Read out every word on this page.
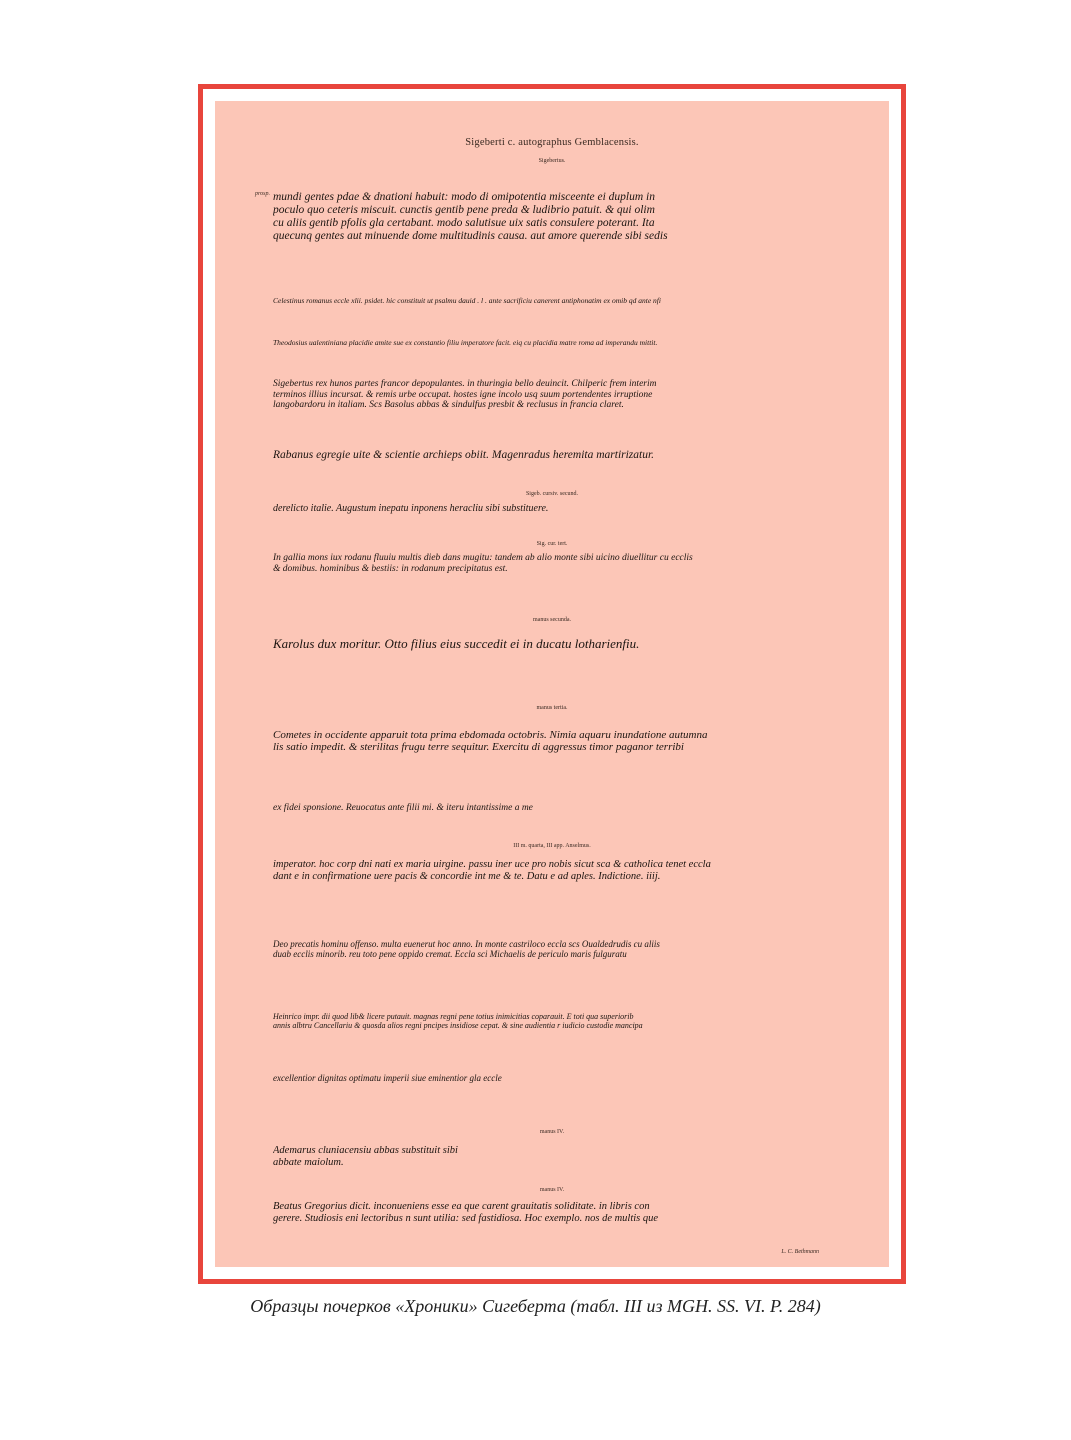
Sigeberti c. autographus Gemblacensis.
Sigebertus.
prosp. mundi gentes pdae & dnationi habuit: modo di omipotentia misceente ei duplum in
poculo quo ceteris miscuit. cunctis gentib pene preda & ludibrio patuit. & qui olim
cu aliis gentib pfolis gla certabant. modo salutisue uix satis consulere poterant. Ita
quecunq gentes aut minuende dome multitudinis causa. aut amore querende sibi sedis
Celestinus romanus eccle xlii. psidet. hic constituit ut psalmu dauid . l . ante sacrificiu canerent antiphonatim ex omib qd ante nfi
Theodosius ualentiniana placidie amite sue ex constantio filiu imperatore facit. eiq cu placidia matre roma ad imperandu mittit.
Sigebertus rex hunos partes francor depopulantes. in thuringia bello deuincit. Chilperic frem interim
terminos illius incursat. & remis urbe occupat. hostes igne incolo usq suum portendentes irruptione
langobardoru in italiam. Scs Basolus abbas & sindulfus presbit & reclusus in francia claret.
Rabanus egregie uite & scientie archieps obiit. Magenradus heremita martirizatur.
Sigeb. cursiv. secund.
derelicto italie. Augustum inepatu inponens heracliu sibi substituere.
Sig. cur. tert.
In gallia mons iux rodanu fluuiu multis dieb dans mugitu: tandem ab alio monte sibi uicino diuellitur cu ecclis
& domibus. hominibus & bestiis: in rodanum precipitatus est.
manus secunda.
Karolus dux moritur. Otto filius eius succedit ei in ducatu lotharienfiu.
manus tertia.
Cometes in occidente apparuit tota prima ebdomada octobris. Nimia aquaru inundatione autumna
lis satio impedit. & sterilitas frugu terre sequitur. Exercitu di aggressus timor paganor terribi
ex fidei sponsione. Reuocatus ante filii mi. & iteru intantissime a me
III m. quarta, III app. Anselmus.
imperator. hoc corp dni nati ex maria uirgine. passu iner uce pro nobis sicut sca & catholica tenet eccla
dant e in confirmatione uere pacis & concordie int me & te. Datu e ad aples. Indictione. iiij.
Deo precatis hominu offenso. multa euenerut hoc anno. In monte castriloco eccla scs Oualdedrudis cu aliis
duab ecclis minorib. reu toto pene oppido cremat. Eccla sci Michaelis de periculo maris fulguratu
Heinrico impr. dii quod lib& licere putauit. magnas regni pene totius inimicitias coparauit. E toti qua superiorib
annis albtru Cancellariu & quosda alios regni pncipes insidiose cepat. & sine audientia r iudicio custodie mancipa
excellentior dignitas optimatu imperii siue eminentior gla eccle
manus IV.
Ademarus cluniacensiu abbas substituit sibi
abbate maiolum.
manus IV.
Beatus Gregorius dicit. inconueniens esse ea que carent grauitatis soliditate. in libris con
gerere. Studiosis eni lectoribus n sunt utilia: sed fastidiosa. Hoc exemplo. nos de multis que
L. C. Bethmann
Образцы почерков «Хроники» Сигеберта (табл. III из MGH. SS. VI. P. 284)
